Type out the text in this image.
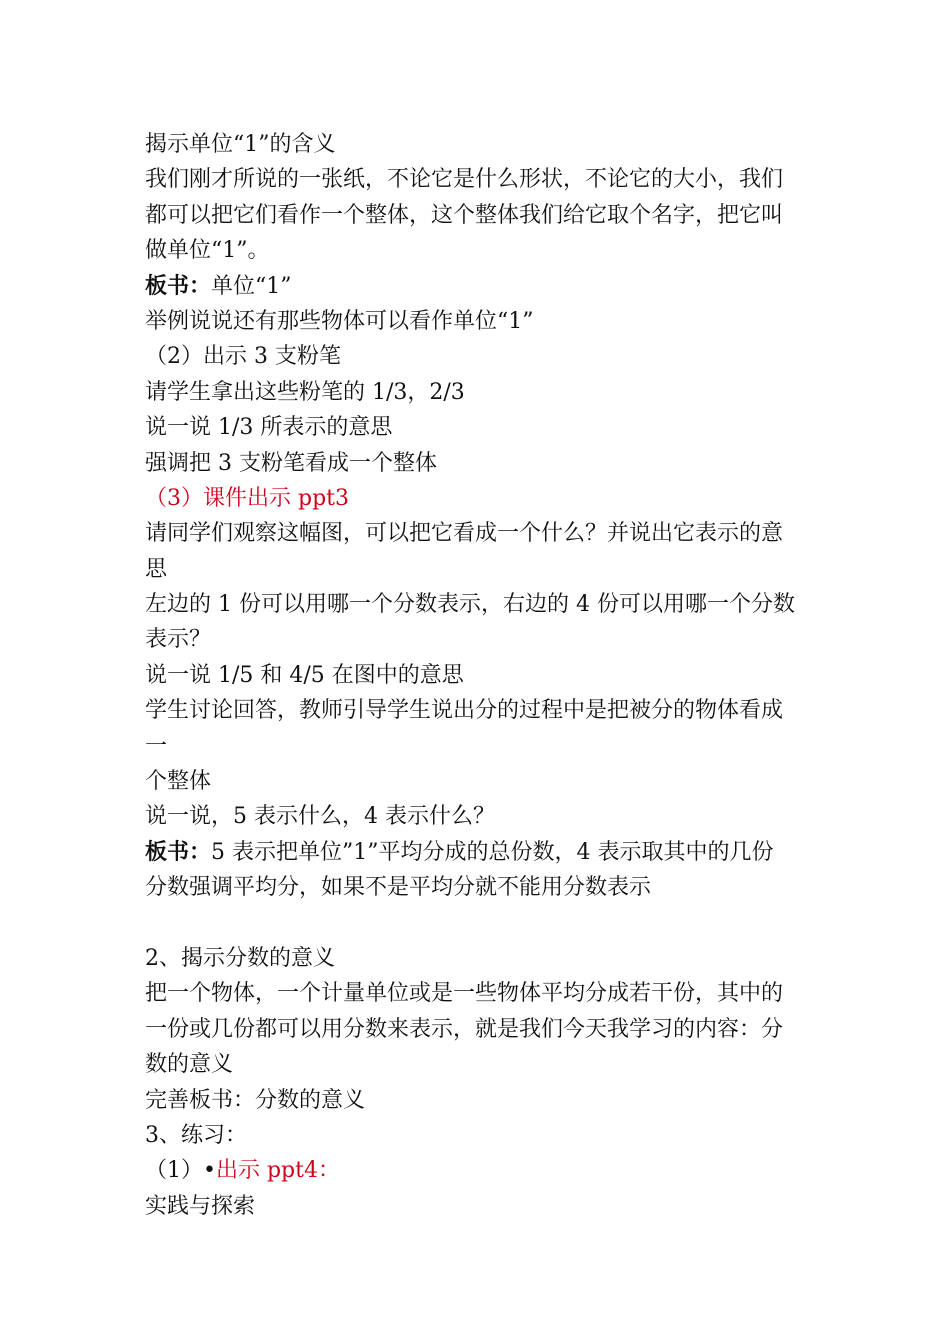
揭示单位“1”的含义
我们刚才所说的一张纸，不论它是什么形状，不论它的大小，我们
都可以把它们看作一个整体，这个整体我们给它取个名字，把它叫
做单位“1”。
板书：单位“1”
举例说说还有那些物体可以看作单位“1”
（2）出示 3 支粉笔
请学生拿出这些粉笔的 1/3，2/3
说一说 1/3 所表示的意思
强调把 3 支粉笔看成一个整体
（3）课件出示 ppt3
请同学们观察这幅图，可以把它看成一个什么？并说出它表示的意
思
左边的 1 份可以用哪一个分数表示，右边的 4 份可以用哪一个分数
表示？
说一说 1/5 和 4/5 在图中的意思
学生讨论回答，教师引导学生说出分的过程中是把被分的物体看成
一
个整体
说一说，5 表示什么，4 表示什么？
板书：5 表示把单位”1”平均分成的总份数，4 表示取其中的几份
分数强调平均分，如果不是平均分就不能用分数表示
2、揭示分数的意义
把一个物体，一个计量单位或是一些物体平均分成若干份，其中的
一份或几份都可以用分数来表示，就是我们今天我学习的内容：分
数的意义
完善板书：分数的意义
3、练习：
（1）•出示 ppt4：
实践与探索
